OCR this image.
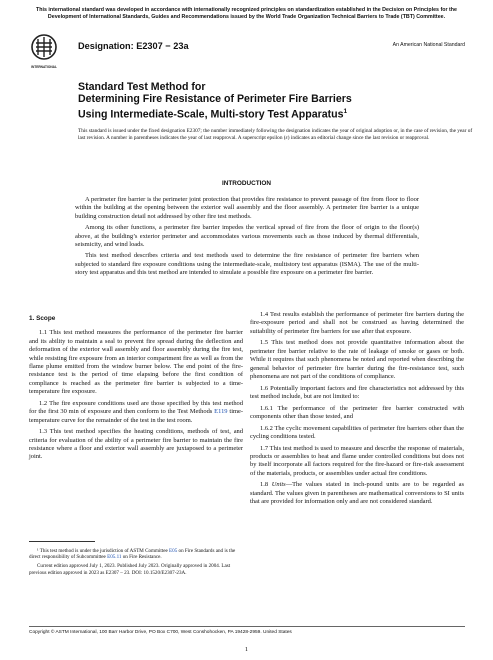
This international standard was developed in accordance with internationally recognized principles on standardization established in the Decision on Principles for the Development of International Standards, Guides and Recommendations issued by the World Trade Organization Technical Barriers to Trade (TBT) Committee.
INTERNATIONAL
Designation: E2307 − 23a	An American National Standard
Standard Test Method for
Determining Fire Resistance of Perimeter Fire Barriers
Using Intermediate-Scale, Multi-story Test Apparatus$^1$
This standard is issued under the fixed designation E2307; the number immediately following the designation indicates the year of original adoption or, in the case of revision, the year of last revision. A number in parentheses indicates the year of last reapproval. A superscript epsilon (ε) indicates an editorial change since the last revision or reapproval.
INTRODUCTION

A perimeter fire barrier is the perimeter joint protection that provides fire resistance to prevent passage of fire from floor to floor within the building at the opening between the exterior wall assembly and the floor assembly. A perimeter fire barrier is a unique building construction detail not addressed by other fire test methods.

Among its other functions, a perimeter fire barrier impedes the vertical spread of fire from the floor of origin to the floor(s) above, at the building’s exterior perimeter and accommodates various movements such as those induced by thermal differentials, seismicity, and wind loads.

This test method describes criteria and test methods used to determine the fire resistance of perimeter fire barriers when subjected to standard fire exposure conditions using the intermediate-scale, multistory test apparatus (ISMA). The use of the multi-story test apparatus and this test method are intended to simulate a possible fire exposure on a perimeter fire barrier.

1. Scope

1.1 This test method measures the performance of the perimeter fire barrier and its ability to maintain a seal to prevent fire spread during the deflection and deformation of the exterior wall assembly and floor assembly during the fire test, while resisting fire exposure from an interior compartment fire as well as from the flame plume emitted from the window burner below. The end point of the fire-resistance test is the period of time elapsing before the first condition of compliance is reached as the perimeter fire barrier is subjected to a time-temperature fire exposure.

1.2 The fire exposure conditions used are those specified by this test method for the first 30 min of exposure and then conform to the Test Methods E119 time-temperature curve for the remainder of the test in the test room.

1.3 This test method specifies the heating conditions, methods of test, and criteria for evaluation of the ability of a perimeter fire barrier to maintain the fire resistance where a floor and exterior wall assembly are juxtaposed to a perimeter joint.

1.4 Test results establish the performance of perimeter fire barriers during the fire-exposure period and shall not be construed as having determined the suitability of perimeter fire barriers for use after that exposure.

1.5 This test method does not provide quantitative information about the perimeter fire barrier relative to the rate of leakage of smoke or gases or both. While it requires that such phenomena be noted and reported when describing the general behavior of perimeter fire barrier during the fire-resistance test, such phenomena are not part of the conditions of compliance.

1.6 Potentially important factors and fire characteristics not addressed by this test method include, but are not limited to:

1.6.1 The performance of the perimeter fire barrier constructed with components other than those tested, and

1.6.2 The cyclic movement capabilities of perimeter fire barriers other than the cycling conditions tested.

1.7 This test method is used to measure and describe the response of materials, products or assemblies to heat and flame under controlled conditions but does not by itself incorporate all factors required for the fire-hazard or fire-risk assessment of the materials, products, or assemblies under actual fire conditions.

1.8 Units—The values stated in inch-pound units are to be regarded as standard. The values given in parentheses are mathematical conversions to SI units that are provided for information only and are not considered standard.

¹ This test method is under the jurisdiction of ASTM Committee E05 on Fire Standards and is the direct responsibility of Subcommittee E05.11 on Fire Resistance.

Current edition approved July 1, 2023. Published July 2023. Originally approved in 2004. Last previous edition approved in 2023 as E2307 – 23. DOI: 10.1520/E2307-23A.

Copyright © ASTM International, 100 Barr Harbor Drive, PO Box C700, West Conshohocken, PA 19428-2959. United States
1
